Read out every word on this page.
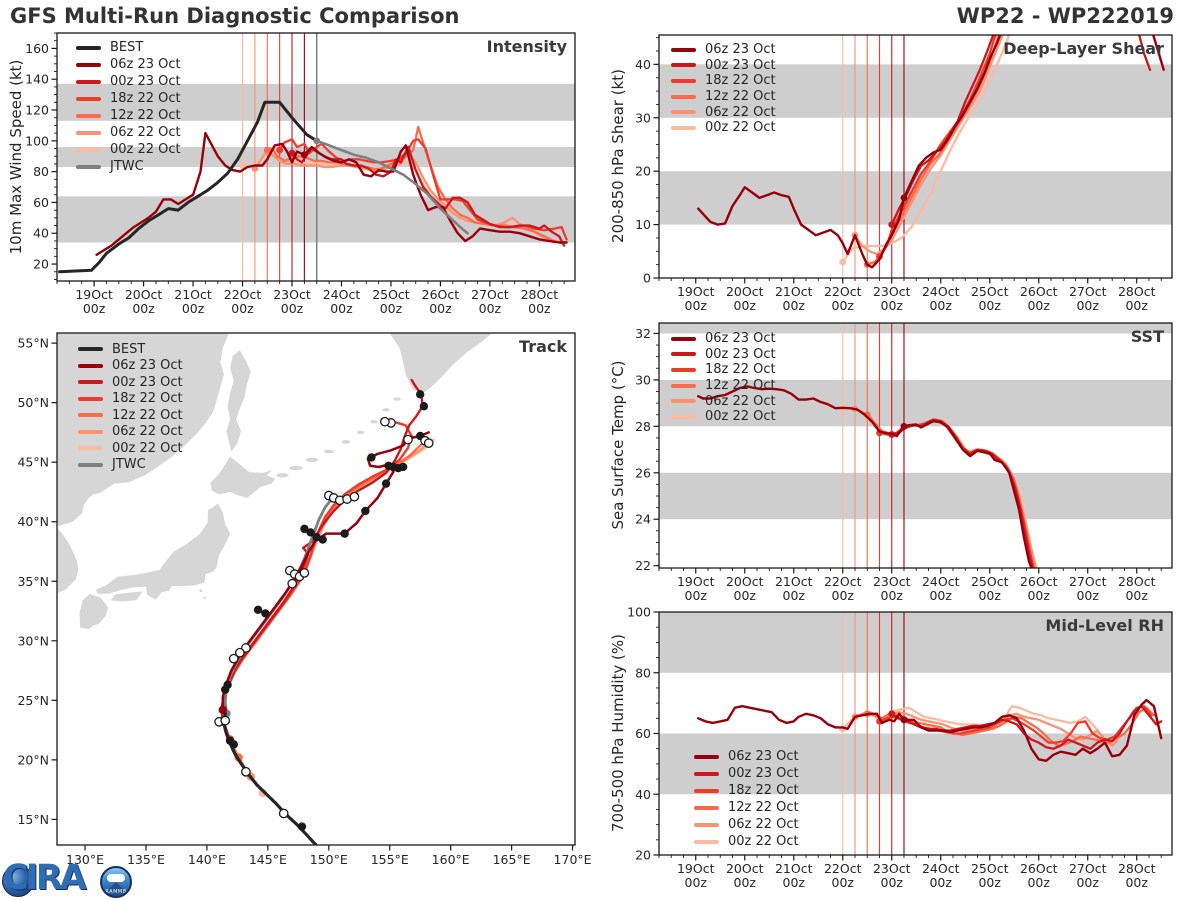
GFS Multi-Run Diagnostic Comparison	WP22 - WP222019
19Oct
00z
20Oct
00z
21Oct
00z
22Oct
00z
23Oct
00z
24Oct
00z
25Oct
00z
26Oct
00z
27Oct
00z
28Oct
00z
20
40
60
80
100
120
140
160
19Oct
00z
20Oct
00z
21Oct
00z
22Oct
00z
23Oct
00z
24Oct
00z
25Oct
00z
26Oct
00z
27Oct
00z
28Oct
00z
0
10
20
30
40
19Oct
00z
20Oct
00z
21Oct
00z
22Oct
00z
23Oct
00z
24Oct
00z
25Oct
00z
26Oct
00z
27Oct
00z
28Oct
00z
22
24
26
28
30
32
19Oct
00z
20Oct
00z
21Oct
00z
22Oct
00z
23Oct
00z
24Oct
00z
25Oct
00z
26Oct
00z
27Oct
00z
28Oct
00z
20
40
60
80
100
130°E 135°E 140°E 145°E 150°E 155°E 160°E 165°E 170°E
15°N
20°N
25°N
30°N
35°N
40°N
45°N
50°N
55°N
10m Max Wind Speed (kt)	200-850 hPa Shear (kt)
Sea Surface Temp (°C)
700-500 hPa Humidity (%)
Intensity	Deep-Layer Shear
SST
Mid-Level RH
Track
BEST
06z 23 Oct
00z 23 Oct
18z 22 Oct
12z 22 Oct
06z 22 Oct
00z 22 Oct
JTWC
BEST
06z 23 Oct
00z 23 Oct
18z 22 Oct
12z 22 Oct
06z 22 Oct
00z 22 Oct
JTWC
06z 23 Oct
00z 23 Oct
18z 22 Oct
12z 22 Oct
06z 22 Oct
00z 22 Oct
06z 23 Oct
00z 23 Oct
18z 22 Oct
12z 22 Oct
06z 22 Oct
00z 22 Oct
06z 23 Oct
00z 23 Oct
18z 22 Oct
12z 22 Oct
06z 22 Oct
00z 22 Oct
CIRA	RAMMB
